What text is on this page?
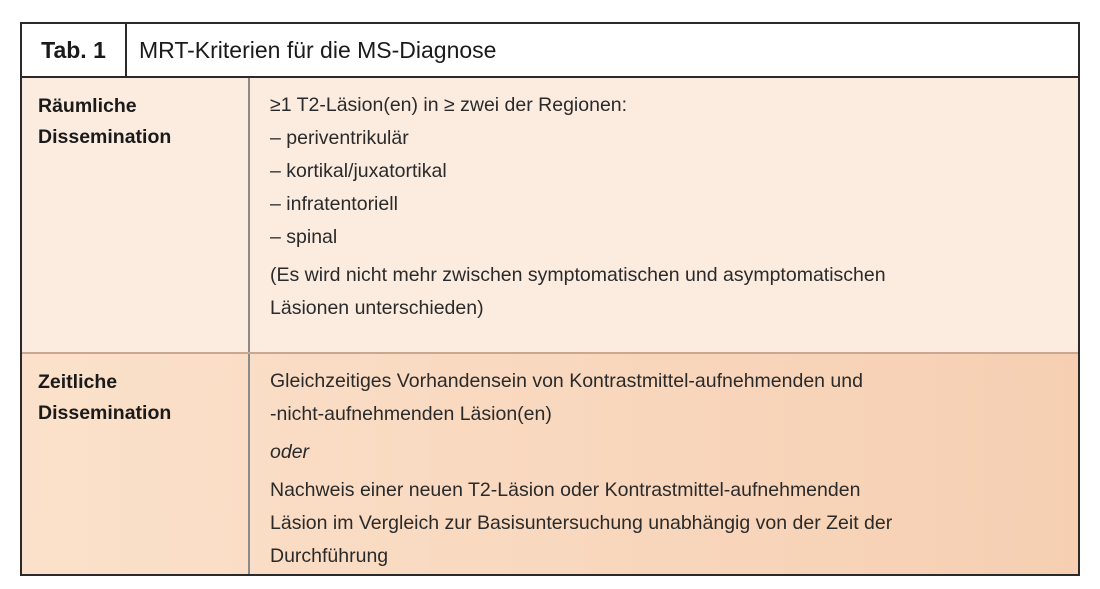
Tab. 1	MRT-Kriterien für die MS-Diagnose
Räumliche
Dissemination
≥1 T2-Läsion(en) in ≥ zwei der Regionen:
– periventrikulär
– kortikal/juxatortikal
– infratentoriell
– spinal
(Es wird nicht mehr zwischen symptomatischen und asymptomatischen
Läsionen unterschieden)
Zeitliche
Dissemination
Gleichzeitiges Vorhandensein von Kontrastmittel-aufnehmenden und
-nicht-aufnehmenden Läsion(en)
oder
Nachweis einer neuen T2-Läsion oder Kontrastmittel-aufnehmenden
Läsion im Vergleich zur Basisuntersuchung unabhängig von der Zeit der
Durchführung
